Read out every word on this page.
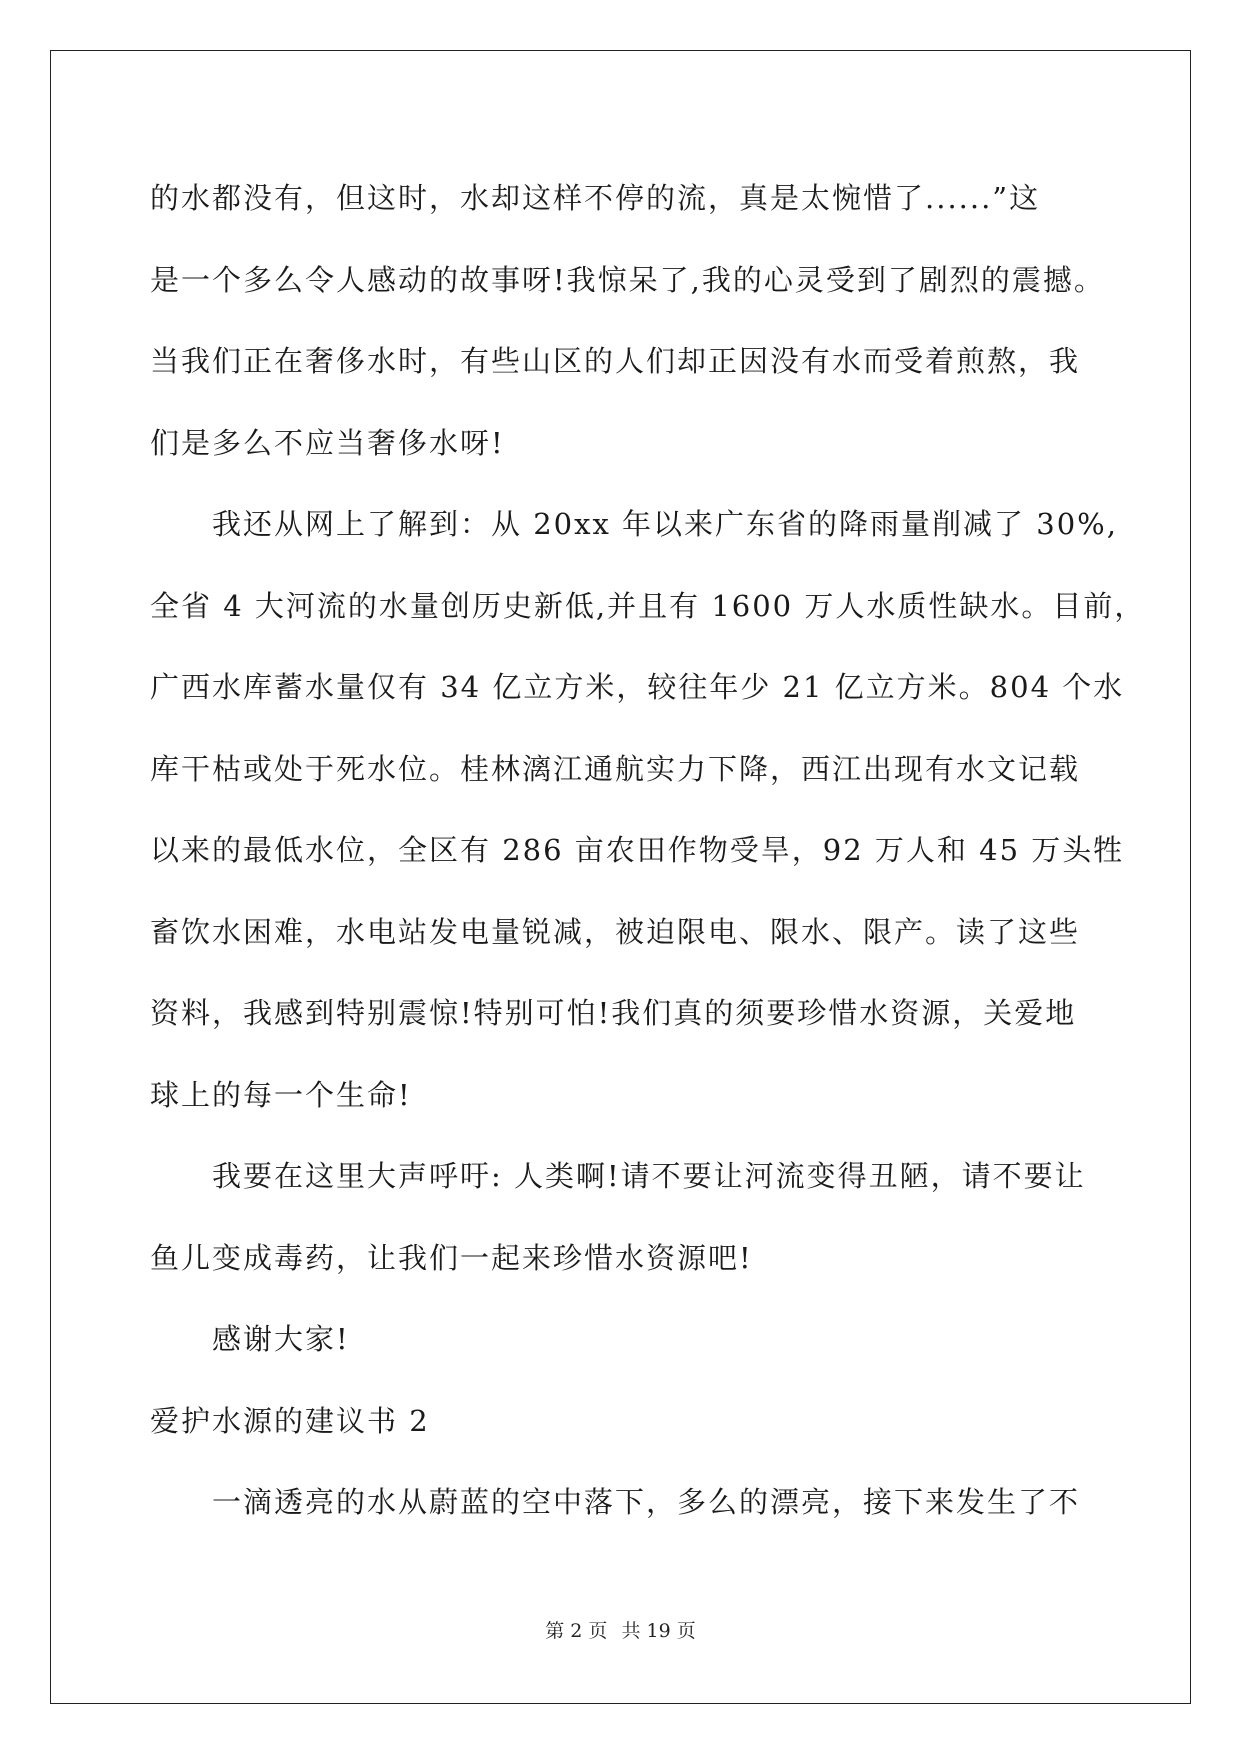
的水都没有，但这时，水却这样不停的流，真是太惋惜了......”这
是一个多么令人感动的故事呀!我惊呆了,我的心灵受到了剧烈的震撼。
当我们正在奢侈水时，有些山区的人们却正因没有水而受着煎熬，我
们是多么不应当奢侈水呀!
我还从网上了解到：从 20xx 年以来广东省的降雨量削减了 30%,
全省 4 大河流的水量创历史新低,并且有 1600 万人水质性缺水。目前，
广西水库蓄水量仅有 34 亿立方米，较往年少 21 亿立方米。804 个水
库干枯或处于死水位。桂林漓江通航实力下降，西江出现有水文记载
以来的最低水位，全区有 286 亩农田作物受旱，92 万人和 45 万头牲
畜饮水困难，水电站发电量锐减，被迫限电、限水、限产。读了这些
资料，我感到特别震惊!特别可怕!我们真的须要珍惜水资源，关爱地
球上的每一个生命!
我要在这里大声呼吁: 人类啊!请不要让河流变得丑陋，请不要让
鱼儿变成毒药，让我们一起来珍惜水资源吧!
感谢大家!
爱护水源的建议书 2
一滴透亮的水从蔚蓝的空中落下，多么的漂亮，接下来发生了不
第 2 页 共 19 页
